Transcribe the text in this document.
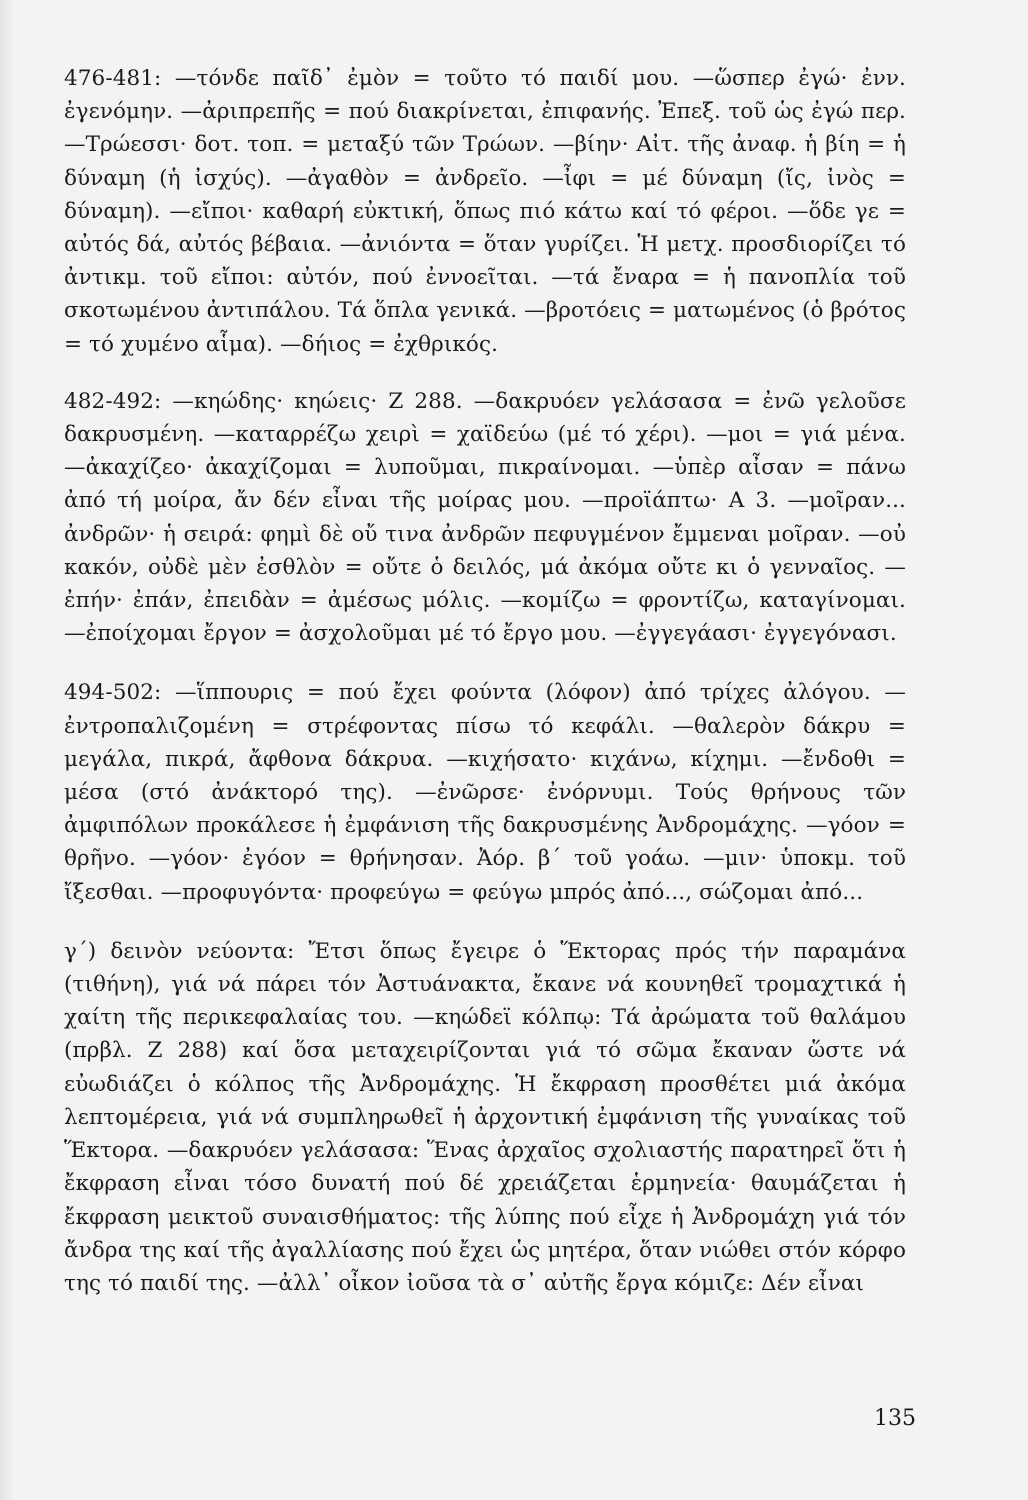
476-481: —τόνδε παῖδ᾽ ἐμὸν = τοῦτο τό παιδί μου. —ὥσπερ ἐγώ· ἐνν. ἐγενόμην. —ἀριπρεπῆς = πού διακρίνεται, ἐπιφανής. Ἐπεξ. τοῦ ὡς ἐγώ περ. —Τρώεσσι· δοτ. τοπ. = μεταξύ τῶν Τρώων. —βίην· Αἰτ. τῆς ἀναφ. ἡ βίη = ἡ δύναμη (ἡ ἰσχύς). —ἀγαθὸν = ἀνδρεῖο. —ἶφι = μέ δύναμη (ἴς, ἰνὸς = δύναμη). —εἴποι· καθαρή εὐκτική, ὅπως πιό κάτω καί τό φέροι. —ὅδε γε = αὐτός δά, αὐτός βέβαια. —ἀνιόντα = ὅταν γυρίζει. Ἡ μετχ. προσδιορίζει τό ἀντικμ. τοῦ εἴποι: αὐτόν, πού ἐννοεῖται. —τά ἔναρα = ἡ πανοπλία τοῦ σκοτωμένου ἀντιπάλου. Τά ὅπλα γενικά. —βροτόεις = ματωμένος (ὁ βρότος = τό χυμένο αἷμα). —δήιος = ἐχθρικός.

482-492: —κηώδης· κηώεις· Ζ 288. —δακρυόεν γελάσασα = ἐνῶ γελοῦσε δακρυσμένη. —καταρρέζω χειρὶ = χαϊδεύω (μέ τό χέρι). —μοι = γιά μένα. —ἀκαχίζεο· ἀκαχίζομαι = λυποῦμαι, πικραίνομαι. —ὑπὲρ αἶσαν = πάνω ἀπό τή μοίρα, ἄν δέν εἶναι τῆς μοίρας μου. —προϊάπτω· Α 3. —μοῖραν... ἀνδρῶν· ἡ σειρά: φημὶ δὲ οὔ τινα ἀνδρῶν πεφυγμένον ἔμμεναι μοῖραν. —οὐ κακόν, οὐδὲ μὲν ἐσθλὸν = οὔτε ὁ δειλός, μά ἀκόμα οὔτε κι ὁ γενναῖος. —ἐπήν· ἐπάν, ἐπειδὰν = ἀμέσως μόλις. —κομίζω = φροντίζω, καταγίνομαι. —ἐποίχομαι ἔργον = ἀσχολοῦμαι μέ τό ἔργο μου. —ἐγγεγάασι· ἐγγεγόνασι.

494-502: —ἵππουρις = πού ἔχει φούντα (λόφον) ἀπό τρίχες ἀλόγου. —ἐντροπαλιζομένη = στρέφοντας πίσω τό κεφάλι. —θαλερὸν δάκρυ = μεγάλα, πικρά, ἄφθονα δάκρυα. —κιχήσατο· κιχάνω, κίχημι. —ἔνδοθι = μέσα (στό ἀνάκτορό της). —ἐνῶρσε· ἐνόρνυμι. Τούς θρήνους τῶν ἀμφιπόλων προκάλεσε ἡ ἐμφάνιση τῆς δακρυσμένης Ἀνδρομάχης. —γόον = θρῆνο. —γόον· ἐγόον = θρήνησαν. Ἀόρ. β΄ τοῦ γοάω. —μιν· ὑποκμ. τοῦ ἴξεσθαι. —προφυγόντα· προφεύγω = φεύγω μπρός ἀπό..., σώζομαι ἀπό...

γ΄) δεινὸν νεύοντα: Ἔτσι ὅπως ἔγειρε ὁ Ἕκτορας πρός τήν παραμάνα (τιθήνη), γιά νά πάρει τόν Ἀστυάνακτα, ἔκανε νά κουνηθεῖ τρομαχτικά ἡ χαίτη τῆς περικεφαλαίας του. —κηώδεϊ κόλπῳ: Τά ἀρώματα τοῦ θαλάμου (πρβλ. Ζ 288) καί ὅσα μεταχειρίζονται γιά τό σῶμα ἔκαναν ὥστε νά εὐωδιάζει ὁ κόλπος τῆς Ἀνδρομάχης. Ἡ ἔκφραση προσθέτει μιά ἀκόμα λεπτομέρεια, γιά νά συμπληρωθεῖ ἡ ἀρχοντική ἐμφάνιση τῆς γυναίκας τοῦ Ἕκτορα. —δακρυόεν γελάσασα: Ἕνας ἀρχαῖος σχολιαστής παρατηρεῖ ὅτι ἡ ἔκφραση εἶναι τόσο δυνατή πού δέ χρειάζεται ἑρμηνεία· θαυμάζεται ἡ ἔκφραση μεικτοῦ συναισθήματος: τῆς λύπης πού εἶχε ἡ Ἀνδρομάχη γιά τόν ἄνδρα της καί τῆς ἀγαλλίασης πού ἔχει ὡς μητέρα, ὅταν νιώθει στόν κόρφο της τό παιδί της. —ἀλλ᾽ οἶκον ἰοῦσα τὰ σ᾽ αὐτῆς ἔργα κόμιζε: Δέν εἶναι

135
